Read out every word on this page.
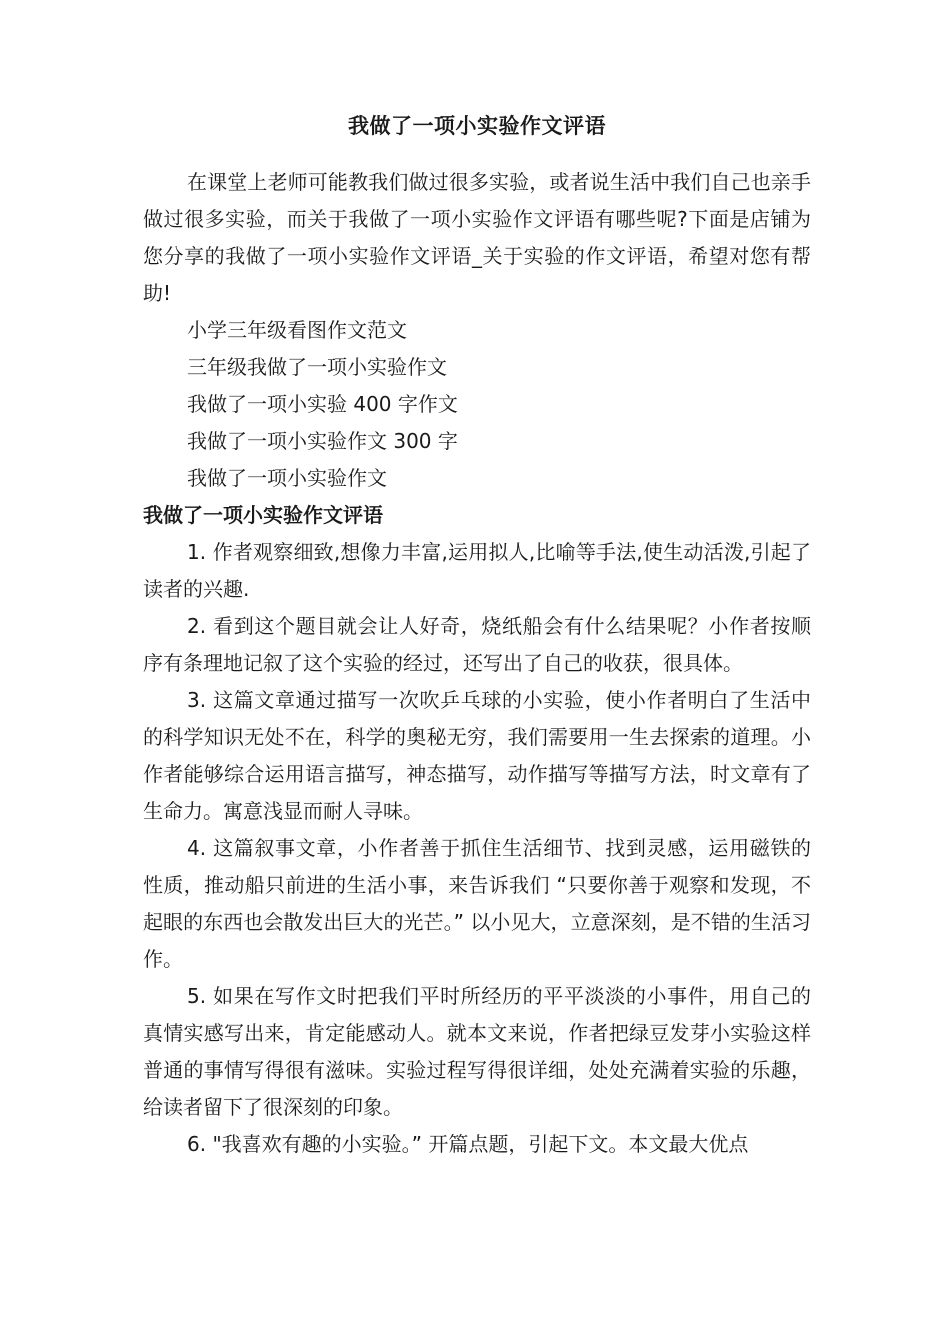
我做了一项小实验作文评语

在课堂上老师可能教我们做过很多实验，或者说生活中我们自己也亲手做过很多实验，而关于我做了一项小实验作文评语有哪些呢?下面是店铺为您分享的我做了一项小实验作文评语_关于实验的作文评语，希望对您有帮助!

小学三年级看图作文范文

三年级我做了一项小实验作文

我做了一项小实验 400 字作文

我做了一项小实验作文 300 字

我做了一项小实验作文

我做了一项小实验作文评语

1. 作者观察细致,想像力丰富,运用拟人,比喻等手法,使生动活泼,引起了读者的兴趣.

2. 看到这个题目就会让人好奇，烧纸船会有什么结果呢？小作者按顺序有条理地记叙了这个实验的经过，还写出了自己的收获，很具体。

3. 这篇文章通过描写一次吹乒乓球的小实验，使小作者明白了生活中的科学知识无处不在，科学的奥秘无穷，我们需要用一生去探索的道理。小作者能够综合运用语言描写，神态描写，动作描写等描写方法，时文章有了生命力。寓意浅显而耐人寻味。

4. 这篇叙事文章，小作者善于抓住生活细节、找到灵感，运用磁铁的性质，推动船只前进的生活小事，来告诉我们 “只要你善于观察和发现，不起眼的东西也会散发出巨大的光芒。” 以小见大，立意深刻，是不错的生活习作。

5. 如果在写作文时把我们平时所经历的平平淡淡的小事件，用自己的真情实感写出来，肯定能感动人。就本文来说，作者把绿豆发芽小实验这样普通的事情写得很有滋味。实验过程写得很详细，处处充满着实验的乐趣，给读者留下了很深刻的印象。

6. "我喜欢有趣的小实验。” 开篇点题，引起下文。本文最大优点
